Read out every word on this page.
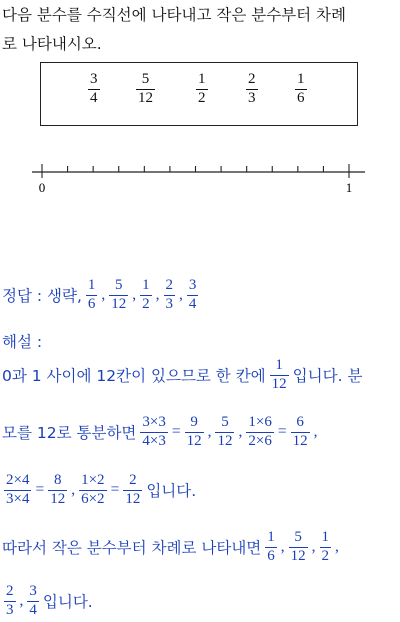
다음 분수를 수직선에 나타내고 작은 분수부터 차례
로 나타내시오.
$\frac{3}{4} \frac{5}{12}$	$\frac{1}{2}$	$\frac{2}{3}$	$\frac{1}{6}$
0	1
정답 : 생략, $\frac{1}{6}$ , $\frac{5}{12}$ , $\frac{1}{2}$ , $\frac{2}{3}$ , $\frac{3}{4}$
해설 :
0과 1 사이에 12칸이 있으므로 한 칸에 $\frac{1}{12}$ 입니다. 분
모를 12로 통분하면 $\frac{3\times 3}{4\times 3} = \frac{9}{12}$ , $\frac{5}{12}$ , $\frac{1\times 6}{2\times 6} = \frac{6}{12}$ ,
$\frac{2\times 4}{3\times 4} = \frac{8}{12}$ , $\frac{1\times 2}{6\times 2} = \frac{2}{12}$ 입니다.
따라서 작은 분수부터 차례로 나타내면 $\frac{1}{6}$ , $\frac{5}{12}$ , $\frac{1}{2}$ ,
$\frac{2}{3}$ , $\frac{3}{4}$ 입니다.
